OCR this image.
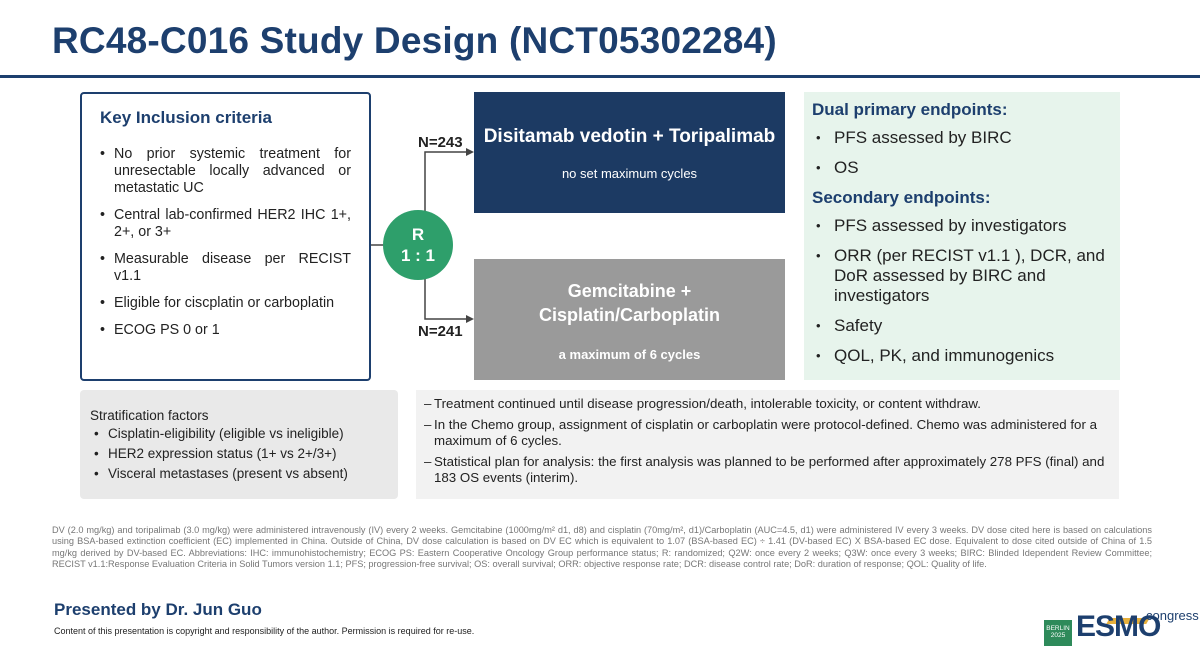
RC48-C016 Study Design (NCT05302284)
Key Inclusion criteria
• No prior systemic treatment for unresectable locally advanced or metastatic UC
• Central lab-confirmed HER2 IHC 1+, 2+, or 3+
• Measurable disease per RECIST v1.1
• Eligible for ciscplatin or carboplatin
• ECOG PS 0 or 1
R
1 : 1
N=243
N=241
Disitamab vedotin + Toripalimab
no set maximum cycles
Gemcitabine +
Cisplatin/Carboplatin
a maximum of 6 cycles
Dual primary endpoints:
• PFS assessed by BIRC
• OS
Secondary endpoints:
• PFS assessed by investigators
• ORR (per RECIST v1.1 ), DCR, and DoR assessed by BIRC and investigators
• Safety
• QOL, PK, and immunogenics
Stratification factors
• Cisplatin-eligibility (eligible vs ineligible)
• HER2 expression status (1+ vs 2+/3+)
• Visceral metastases (present vs absent)
– Treatment continued until disease progression/death, intolerable toxicity, or content withdraw.
– In the Chemo group, assignment of cisplatin or carboplatin were protocol-defined. Chemo was administered for a maximum of 6 cycles.
– Statistical plan for analysis: the first analysis was planned to be performed after approximately 278 PFS (final) and 183 OS events (interim).
DV (2.0 mg/kg) and toripalimab (3.0 mg/kg) were administered intravenously (IV) every 2 weeks. Gemcitabine (1000mg/m² d1, d8) and cisplatin (70mg/m², d1)/Carboplatin (AUC=4.5, d1) were administered IV every 3 weeks. DV dose cited here is based on calculations using BSA-based extinction coefficient (EC) implemented in China. Outside of China, DV dose calculation is based on DV EC which is equivalent to 1.07 (BSA-based EC) ÷ 1.41 (DV-based EC) X BSA-based EC dose. Equivalent to dose cited outside of China of 1.5 mg/kg derived by DV-based EC. Abbreviations: IHC: immunohistochemistry; ECOG PS: Eastern Cooperative Oncology Group performance status; R: randomized; Q2W: once every 2 weeks; Q3W: once every 3 weeks; BIRC: Blinded Idependent Review Committee; RECIST v1.1:Response Evaluation Criteria in Solid Tumors version 1.1; PFS; progression-free survival; OS: overall survival; ORR: objective response rate; DCR: disease control rate; DoR: duration of response; QOL: Quality of life.
Presented by Dr. Jun Guo
Content of this presentation is copyright and responsibility of the author. Permission is required for re-use.	BERLIN
2025 ESMO
congress
